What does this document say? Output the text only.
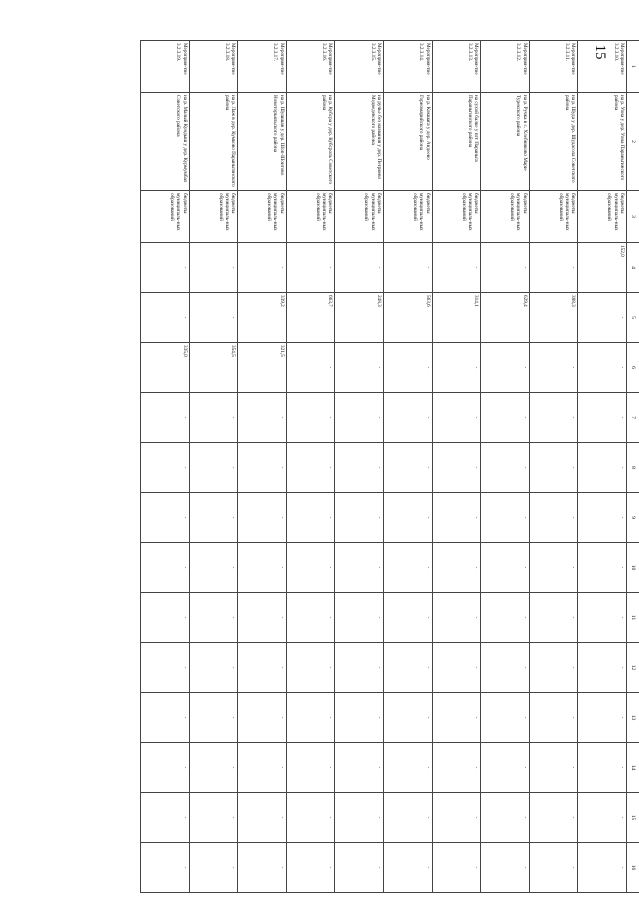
15
1	2	3	4	5	6	7	8	9	10	11	12	13	14	15	16

Мероприя-тие 3.2.3.10.	на р. Уона у дер. Уона Параньгинского района	бюджеты муниципаль-ных образований	152,0	-	-	-	-	-	-	-	-	-	-	-	-

Мероприя-тие 3.2.3.11.	на р. Шуда у дер. Шудасола Советского района	бюджеты муниципаль-ных образований	-	388,3	-	-	-	-	-	-	-	-	-	-	-

Мероприя-тие 3.2.3.12.	на р. Ручка в с. Хлебниково Мари-Турекского района	бюджеты муниципаль-ных образований	-	629,4	-	-	-	-	-	-	-	-	-	-	-

Мероприя-тие 3.2.3.13.	на сухой балке у пгт Параньга Параньгинского района	бюджеты муниципаль-ных образований	-	314,1	-	-	-	-	-	-	-	-	-	-	-

Мероприя-тие 3.2.3.14.	на р. Кокшага у дер. Андеево Горномарийского района	бюджеты муниципаль-ных образований	-	563,6	-	-	-	-	-	-	-	-	-	-	-

Мероприя-тие 3.2.3.15.	на ручье без названия у дер. Петряево Медведевского района	бюджеты муниципаль-ных образований	-	248,3	-	-	-	-	-	-	-	-	-	-	-

Мероприя-тие 3.2.3.16.	на р. Кубсра у дер. Кубсроль Советского района	бюджеты муниципаль-ных образований	-	663,7	-	-	-	-	-	-	-	-	-	-	-

Мероприя-тие 3.2.3.17.	на р. Шушшан у дер. Шоп-Шонгово Новоторъяльского района	бюджеты муниципаль-ных образований	-	339,2	321,5	-	-	-	-	-	-	-	-	-	-

Мероприя-тие 3.2.3.18.	на р. Лаж в дер. Кумково Параньгинского района	бюджеты муниципаль-ных образований	-	-	354,5	-	-	-	-	-	-	-	-	-	-

Мероприя-тие 3.2.3.19.	на р. Малый Кундыш у дер. Курмумбал Советского района	бюджеты муниципаль-ных образований	-	-	335,0	-	-	-	-	-	-	-	-	-	-
